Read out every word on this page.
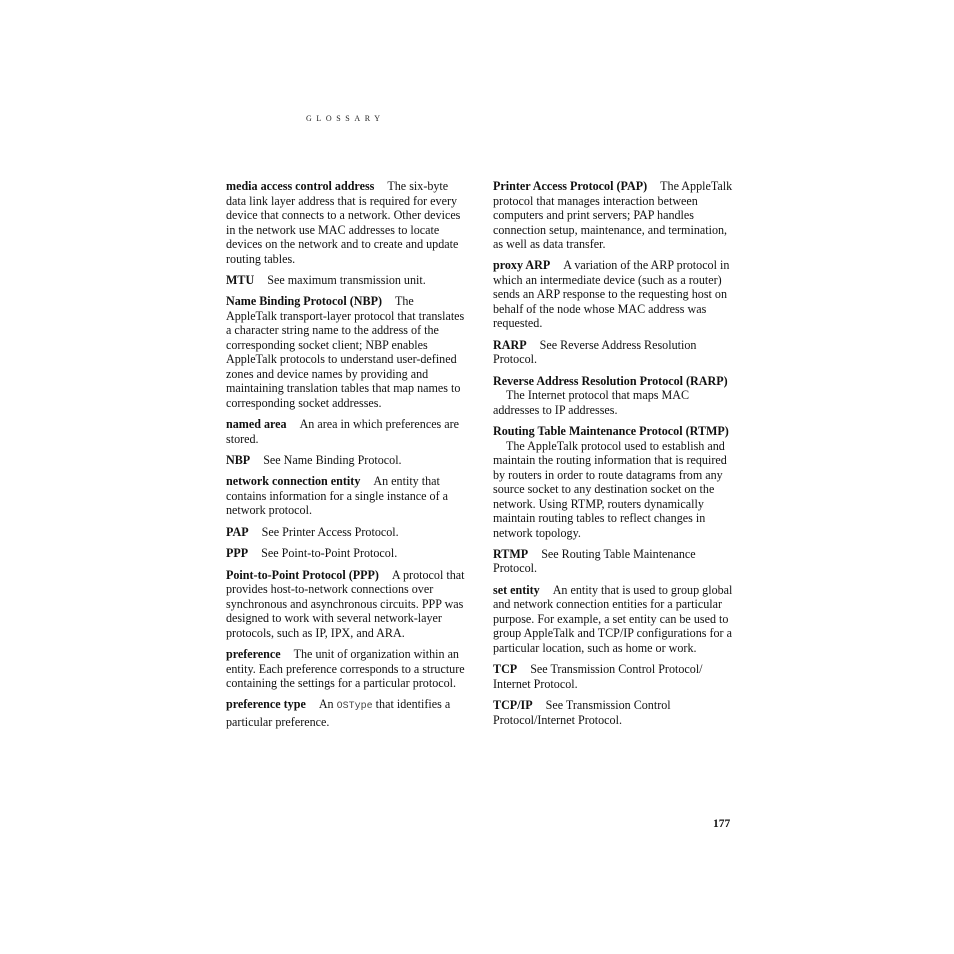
GLOSSARY

media access control address The six-byte data link layer address that is required for every device that connects to a network. Other devices in the network use MAC addresses to locate devices on the network and to create and update routing tables.

MTU See maximum transmission unit.

Name Binding Protocol (NBP) The AppleTalk transport-layer protocol that translates a character string name to the address of the corresponding socket client; NBP enables AppleTalk protocols to understand user-defined zones and device names by providing and maintaining translation tables that map names to corresponding socket addresses.

named area An area in which preferences are stored.

NBP See Name Binding Protocol.

network connection entity An entity that contains information for a single instance of a network protocol.

PAP See Printer Access Protocol.

PPP See Point-to-Point Protocol.

Point-to-Point Protocol (PPP) A protocol that provides host-to-network connections over synchronous and asynchronous circuits. PPP was designed to work with several network-layer protocols, such as IP, IPX, and ARA.

preference The unit of organization within an entity. Each preference corresponds to a structure containing the settings for a particular protocol.

preference type An OSType that identifies a particular preference.

Printer Access Protocol (PAP) The AppleTalk protocol that manages interaction between computers and print servers; PAP handles connection setup, maintenance, and termination, as well as data transfer.

proxy ARP A variation of the ARP protocol in which an intermediate device (such as a router) sends an ARP response to the requesting host on behalf of the node whose MAC address was requested.

RARP See Reverse Address Resolution Protocol.

Reverse Address Resolution Protocol (RARP)The Internet protocol that maps MAC addresses to IP addresses.

Routing Table Maintenance Protocol (RTMP)The AppleTalk protocol used to establish and maintain the routing information that is required by routers in order to route datagrams from any source socket to any destination socket on the network. Using RTMP, routers dynamically maintain routing tables to reflect changes in network topology.

RTMP See Routing Table Maintenance Protocol.

set entity An entity that is used to group global and network connection entities for a particular purpose. For example, a set entity can be used to group AppleTalk and TCP/IP configurations for a particular location, such as home or work.

TCP See Transmission Control Protocol/ Internet Protocol.

TCP/IP See Transmission Control Protocol/Internet Protocol.

177
